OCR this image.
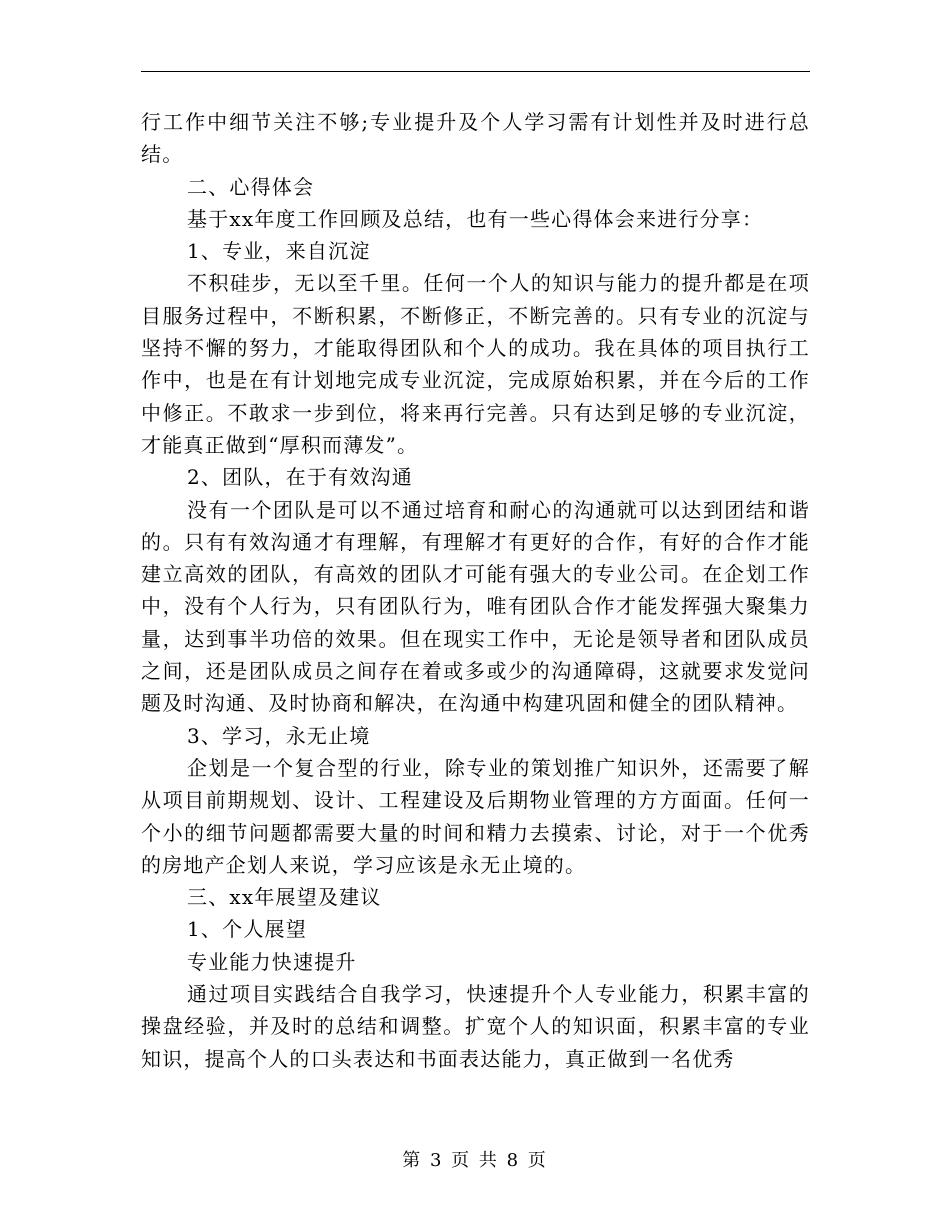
行工作中细节关注不够;专业提升及个人学习需有计划性并及时进行总结。

二、心得体会

基于xx年度工作回顾及总结，也有一些心得体会来进行分享：

1、专业，来自沉淀

不积硅步，无以至千里。任何一个人的知识与能力的提升都是在项目服务过程中，不断积累，不断修正，不断完善的。只有专业的沉淀与坚持不懈的努力，才能取得团队和个人的成功。我在具体的项目执行工作中，也是在有计划地完成专业沉淀，完成原始积累，并在今后的工作中修正。不敢求一步到位，将来再行完善。只有达到足够的专业沉淀，才能真正做到“厚积而薄发”。

2、团队，在于有效沟通

没有一个团队是可以不通过培育和耐心的沟通就可以达到团结和谐的。只有有效沟通才有理解，有理解才有更好的合作，有好的合作才能建立高效的团队，有高效的团队才可能有强大的专业公司。在企划工作中，没有个人行为，只有团队行为，唯有团队合作才能发挥强大聚集力量，达到事半功倍的效果。但在现实工作中，无论是领导者和团队成员之间，还是团队成员之间存在着或多或少的沟通障碍，这就要求发觉问题及时沟通、及时协商和解决，在沟通中构建巩固和健全的团队精神。

3、学习，永无止境

企划是一个复合型的行业，除专业的策划推广知识外，还需要了解从项目前期规划、设计、工程建设及后期物业管理的方方面面。任何一个小的细节问题都需要大量的时间和精力去摸索、讨论，对于一个优秀的房地产企划人来说，学习应该是永无止境的。

三、xx年展望及建议

1、个人展望

专业能力快速提升

通过项目实践结合自我学习，快速提升个人专业能力，积累丰富的操盘经验，并及时的总结和调整。扩宽个人的知识面，积累丰富的专业知识，提高个人的口头表达和书面表达能力，真正做到一名优秀

第 3 页 共 8 页
